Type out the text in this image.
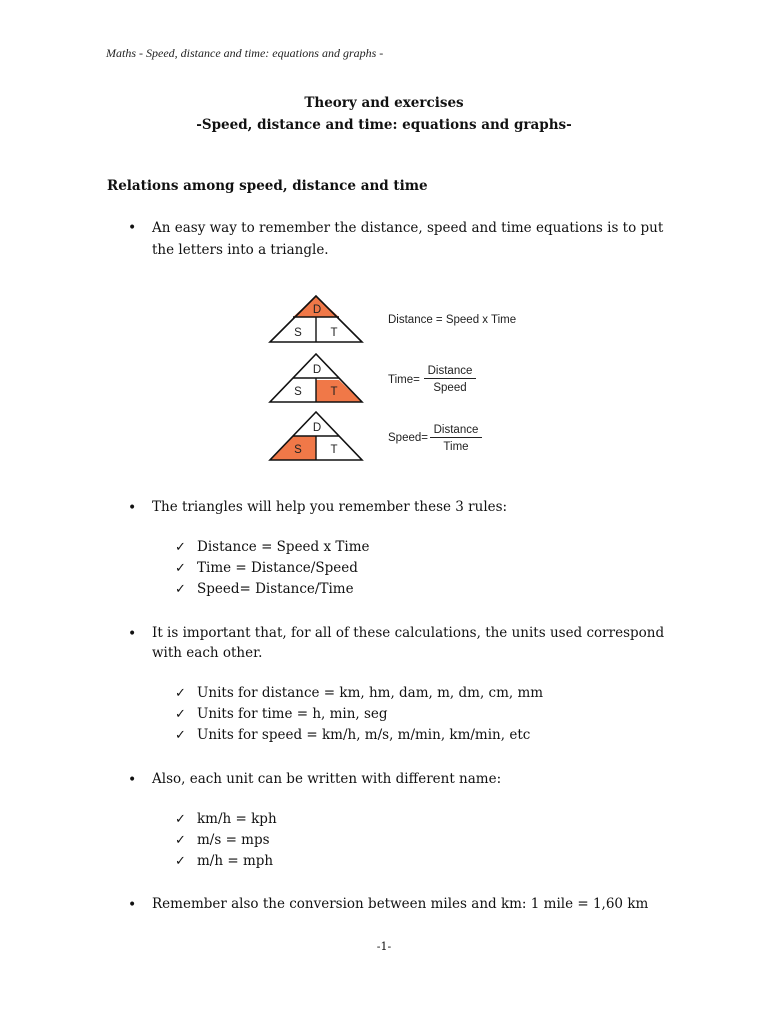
Maths - Speed, distance and time: equations and graphs -
Theory and exercises
-Speed, distance and time: equations and graphs-
Relations among speed, distance and time
• An easy way to remember the distance, speed and time equations is to put
the letters into a triangle.
D
S T
D
S T
D
S T
Distance = Speed x Time
Time=
Distance
Speed
Speed=
Distance
Time
• The triangles will help you remember these 3 rules:
✓ Distance = Speed x Time
✓ Time = Distance/Speed
✓ Speed= Distance/Time
• It is important that, for all of these calculations, the units used correspond
with each other.
✓ Units for distance = km, hm, dam, m, dm, cm, mm
✓ Units for time = h, min, seg
✓ Units for speed = km/h, m/s, m/min, km/min, etc
• Also, each unit can be written with different name:
✓ km/h = kph
✓ m/s = mps
✓ m/h = mph
• Remember also the conversion between miles and km: 1 mile = 1,60 km
-1-
